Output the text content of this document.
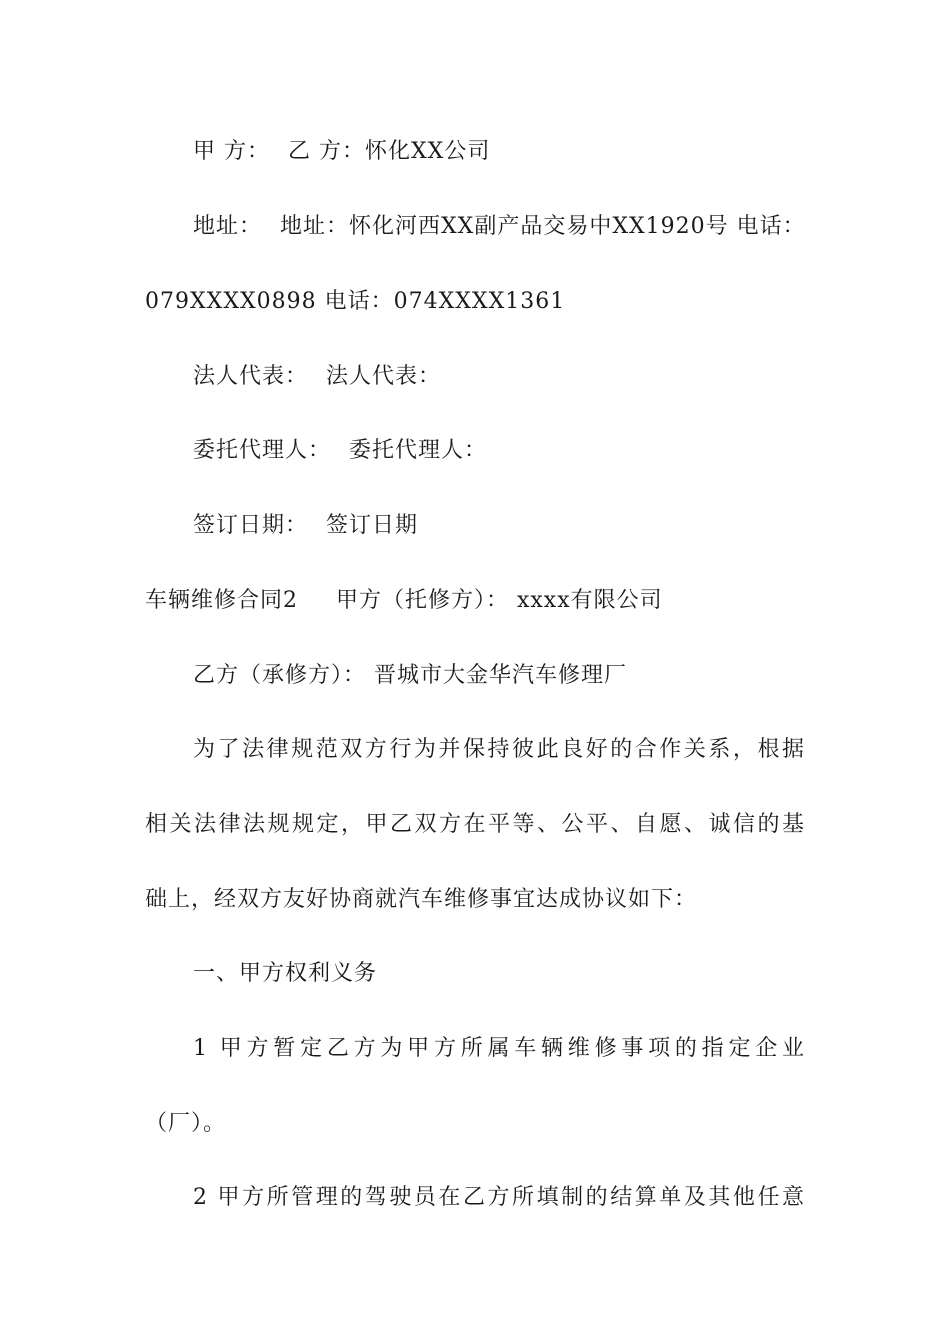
甲 方： 乙 方：怀化XX公司
地址： 地址：怀化河西XX副产品交易中XX1920号 电话：
079XXXX0898 电话：074XXXX1361
法人代表： 法人代表：
委托代理人： 委托代理人：
签订日期： 签订日期
车辆维修合同2 甲方（托修方）： xxxx有限公司
乙方（承修方）： 晋城市大金华汽车修理厂
为了法律规范双方行为并保持彼此良好的合作关系，根据
相关法律法规规定，甲乙双方在平等、公平、自愿、诚信的基
础上，经双方友好协商就汽车维修事宜达成协议如下：
一、甲方权利义务
1 甲方暂定乙方为甲方所属车辆维修事项的指定企业
（厂）。
2 甲方所管理的驾驶员在乙方所填制的结算单及其他任意
